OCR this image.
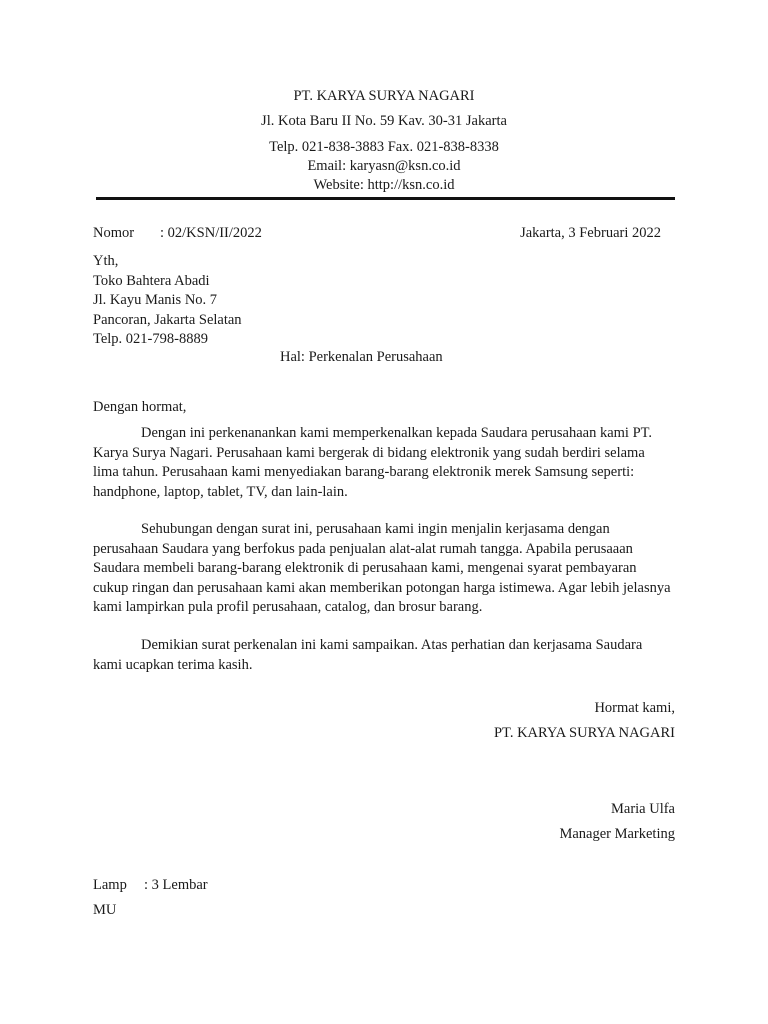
PT. KARYA SURYA NAGARI
Jl. Kota Baru II No. 59 Kav. 30-31 Jakarta
Telp. 021-838-3883 Fax. 021-838-8338
Email: karyasn@ksn.co.id
Website: http://ksn.co.id
Nomor : 02/KSN/II/2022	Jakarta, 3 Februari 2022
Yth,
Toko Bahtera Abadi
Jl. Kayu Manis No. 7
Pancoran, Jakarta Selatan
Telp. 021-798-8889
Hal: Perkenalan Perusahaan
Dengan hormat,
Dengan ini perkenanankan kami memperkenalkan kepada Saudara perusahaan kami PT. Karya Surya Nagari. Perusahaan kami bergerak di bidang elektronik yang sudah berdiri selama lima tahun. Perusahaan kami menyediakan barang-barang elektronik merek Samsung seperti: handphone, laptop, tablet, TV, dan lain-lain.
Sehubungan dengan surat ini, perusahaan kami ingin menjalin kerjasama dengan perusahaan Saudara yang berfokus pada penjualan alat-alat rumah tangga. Apabila perusaaan Saudara membeli barang-barang elektronik di perusahaan kami, mengenai syarat pembayaran cukup ringan dan perusahaan kami akan memberikan potongan harga istimewa. Agar lebih jelasnya kami lampirkan pula profil perusahaan, catalog, dan brosur barang.
Demikian surat perkenalan ini kami sampaikan. Atas perhatian dan kerjasama Saudara kami ucapkan terima kasih.
Hormat kami,
PT. KARYA SURYA NAGARI
Maria Ulfa
Manager Marketing
Lamp : 3 Lembar
MU
